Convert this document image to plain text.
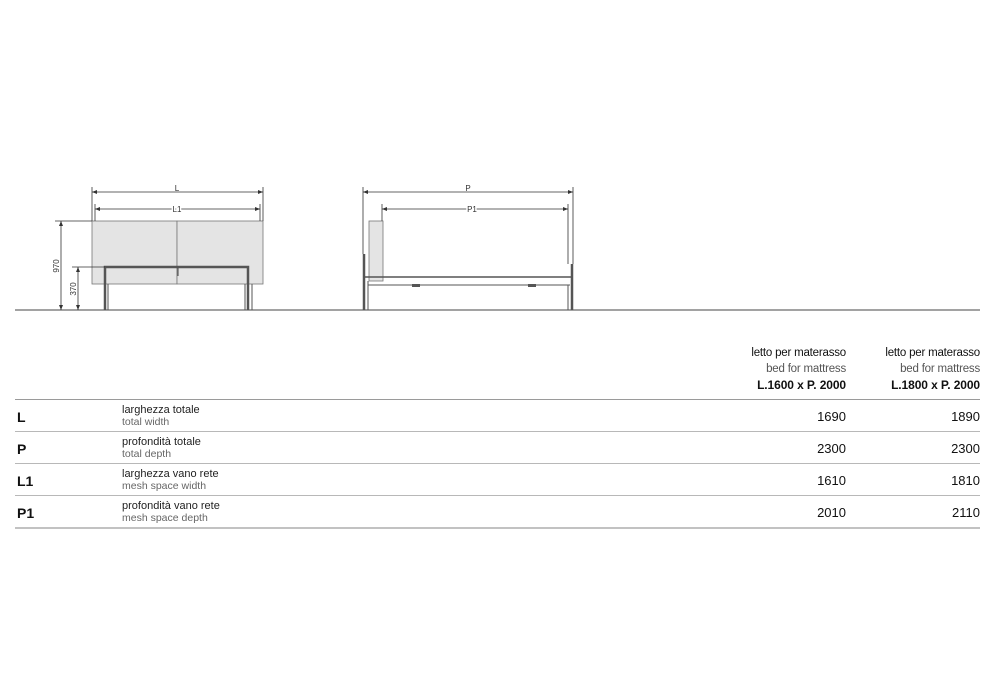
L
L1
970
370
P
P1
letto per materasso
bed for mattress
L.1600 x P. 2000
letto per materasso
bed for mattress
L.1800 x P. 2000
L	larghezza totale
total width	1690	1890
P	profondità totale
total depth	2300	2300
L1	larghezza vano rete
mesh space width	1610	1810
P1	profondità vano rete
mesh space depth	2010	2110
